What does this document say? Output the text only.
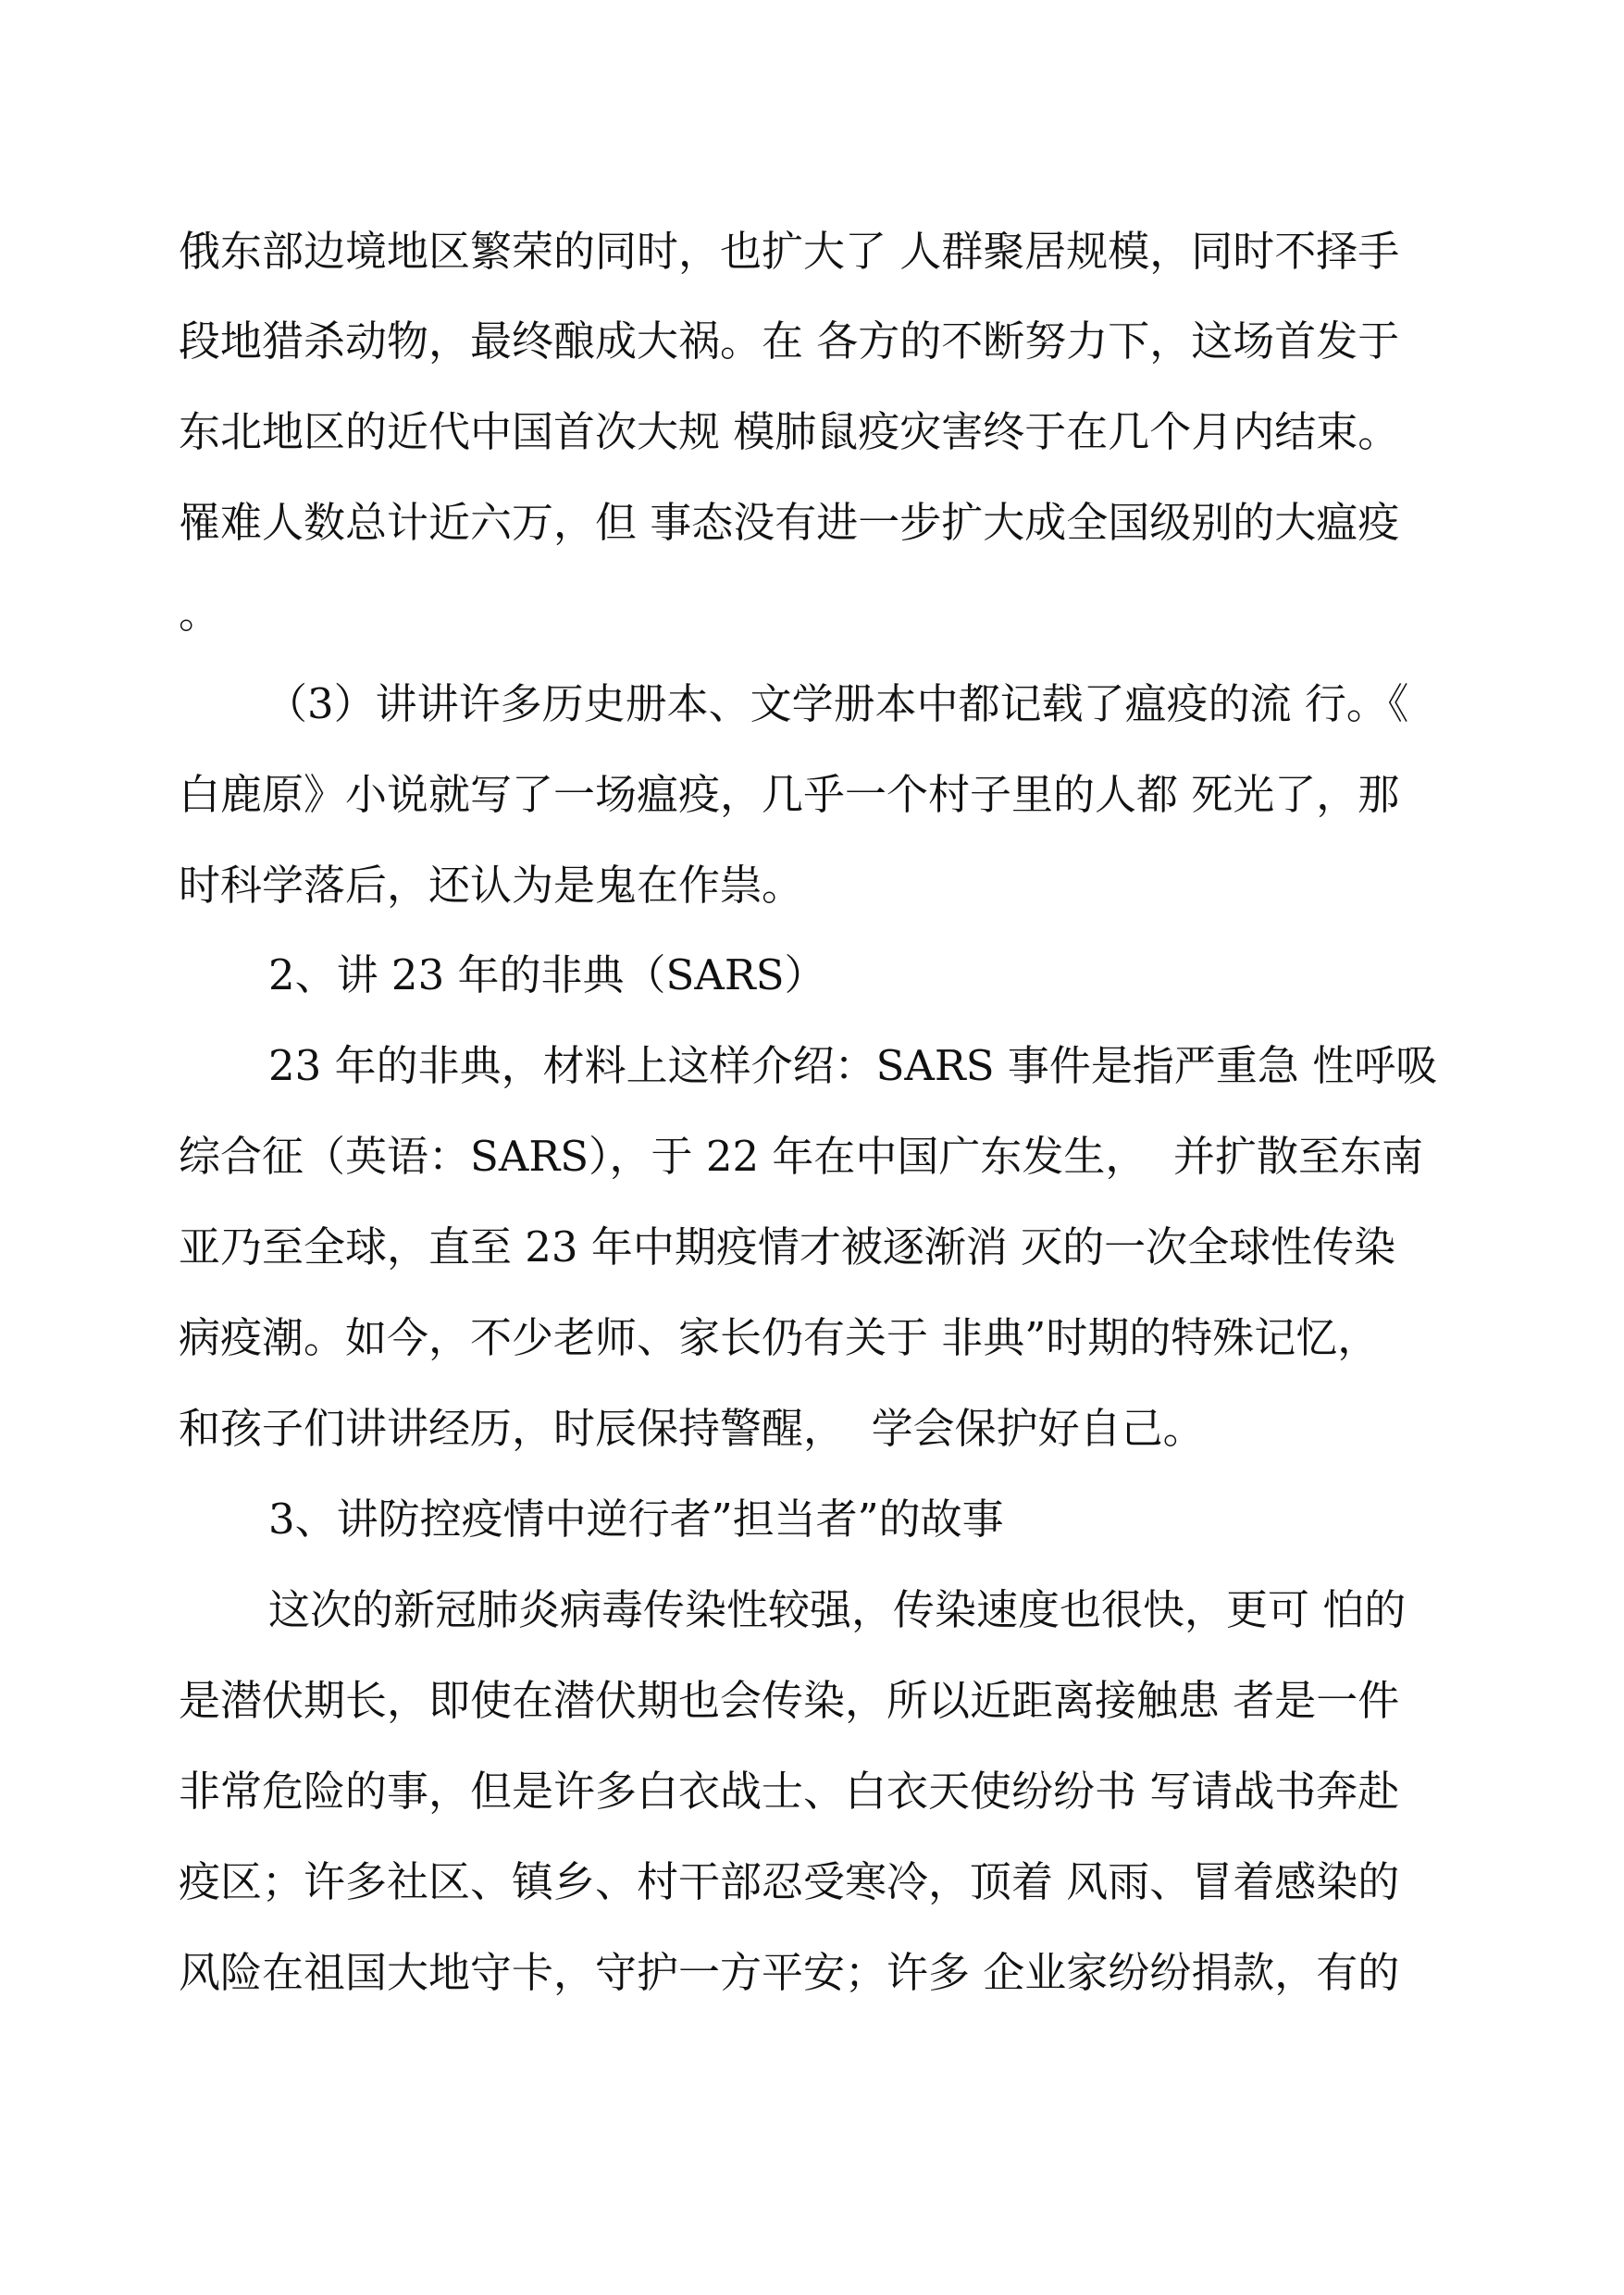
俄东部边境地区繁荣的同时，也扩大了 人群聚居规模，同时不择手
段地猎杀动物，最终酿成大祸。在 各方的不断努力下，这场首发于
东北地区的近代中国首次大规 模肺鼠疫灾害终于在几个月内结束。
罹难人数总计近六万，但 事态没有进一步扩大成全国级别的大瘟疫
。
（3）讲讲许多历史册本、文学册本中都记载了瘟疫的流 行。《
白鹿原》小说就写了一场瘟疫，几乎一个村子里的人都 死光了，那
时科学落后，还认为是鬼在作祟。
2、讲 23 年的非典（SARS）
23 年的非典，材料上这样介绍：SARS 事件是指严重急 性呼吸
综合征（英语：SARS），于 22 年在中国广东发生，  并扩散至东南
亚乃至全球，直至 23 年中期疫情才被逐渐消 灭的一次全球性传染
病疫潮。如今，不少老师、家长仍有关于 非典”时期的特殊记忆，
和孩子们讲讲经历，时辰保持警醒，  学会保护好自己。
3、讲防控疫情中逆行者”担当者”的故事
这次的新冠肺炎病毒传染性较强，传染速度也很快，更可 怕的
是潜伏期长，即使在潜伏期也会传染，所以近距离接触患 者是一件
非常危险的事，但是许多白衣战士、白衣天使纷纷书 写请战书奔赴
疫区；许多社区、镇乡、村干部忍受寒冷，顶着 风雨、冒着感染的
风险在祖国大地守卡，守护一方平安；许多 企业家纷纷捐款，有的
